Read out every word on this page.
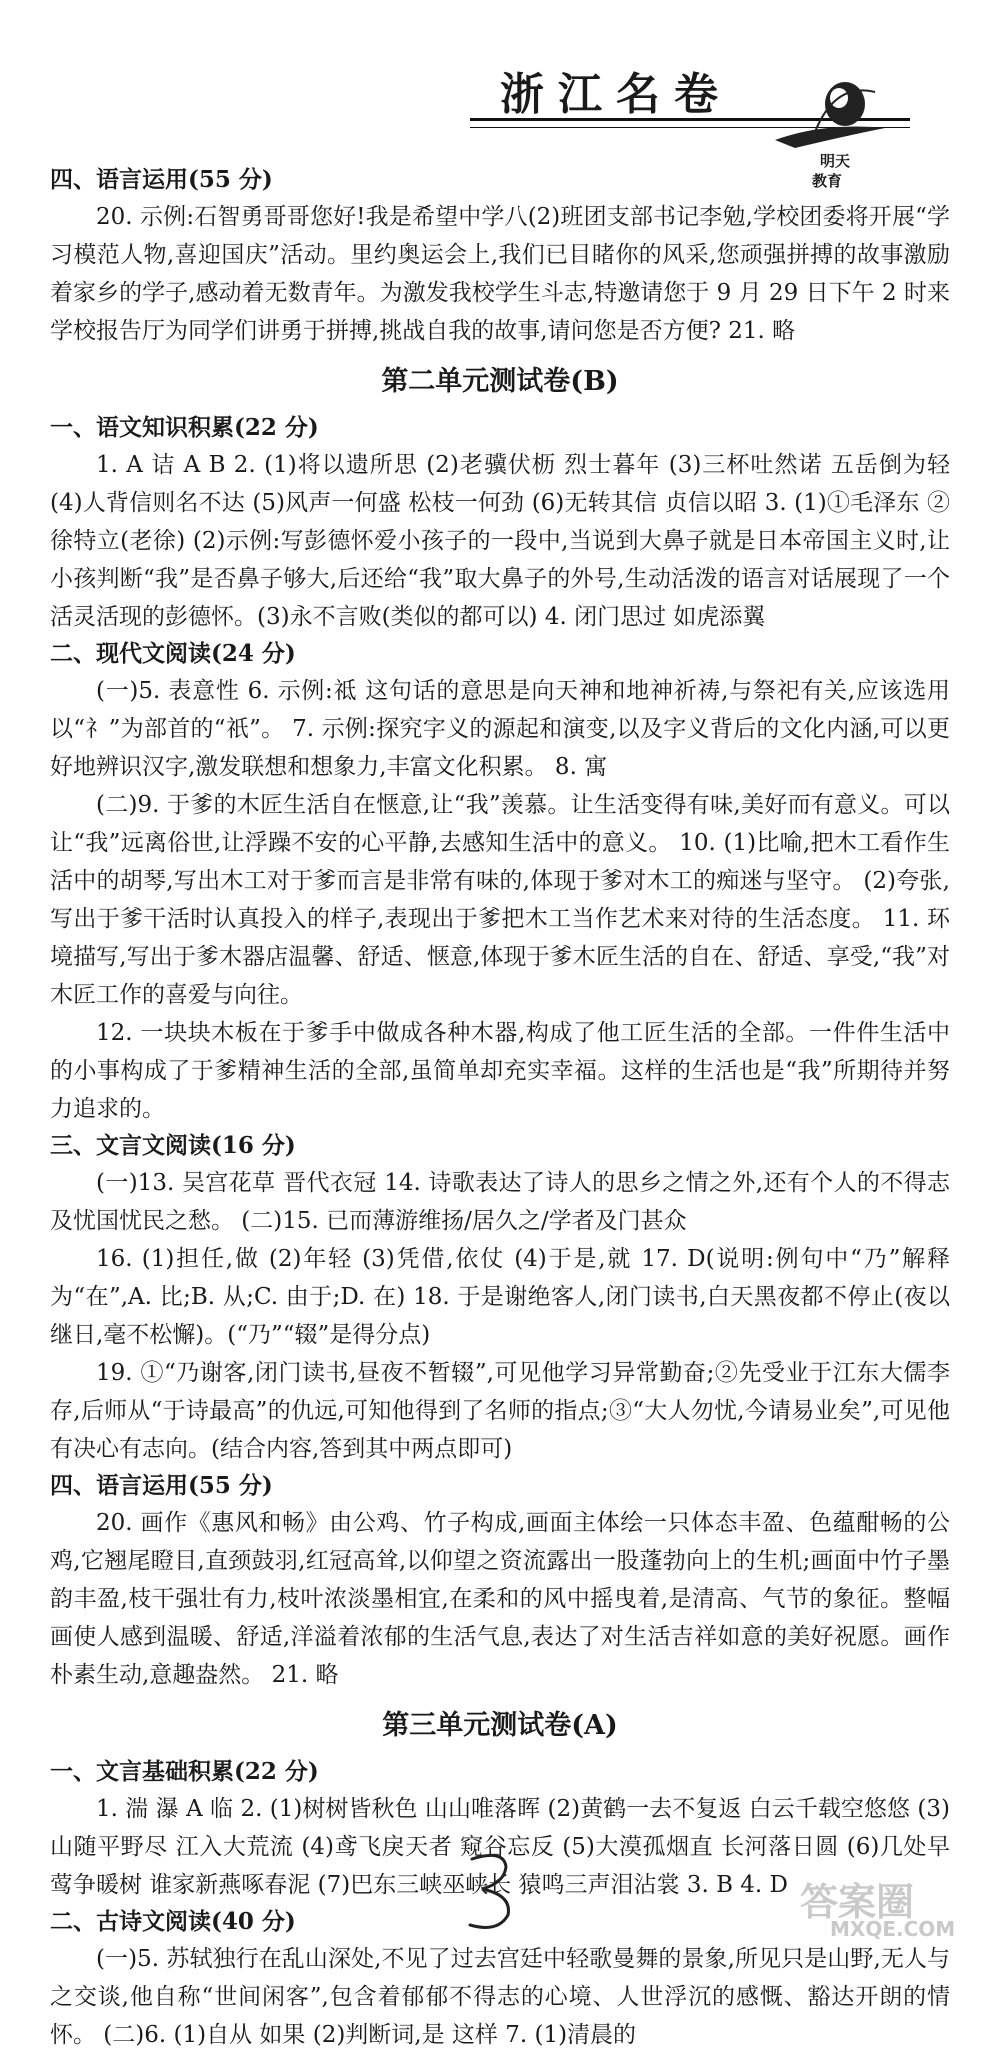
浙江名卷
明天
教育
四、语言运用(55 分)
20. 示例:石智勇哥哥您好!我是希望中学八(2)班团支部书记李勉,学校团委将开展“学习模范人物,喜迎国庆”活动。里约奥运会上,我们已目睹你的风采,您顽强拼搏的故事激励着家乡的学子,感动着无数青年。为激发我校学生斗志,特邀请您于 9 月 29 日下午 2 时来学校报告厅为同学们讲勇于拼搏,挑战自我的故事,请问您是否方便? 21. 略
第二单元测试卷(B)
一、语文知识积累(22 分)
1. A 诘 A B 2. (1)将以遗所思 (2)老骥伏枥 烈士暮年 (3)三杯吐然诺 五岳倒为轻 (4)人背信则名不达 (5)风声一何盛 松枝一何劲 (6)无转其信 贞信以昭 3. (1)①毛泽东 ②徐特立(老徐) (2)示例:写彭德怀爱小孩子的一段中,当说到大鼻子就是日本帝国主义时,让小孩判断“我”是否鼻子够大,后还给“我”取大鼻子的外号,生动活泼的语言对话展现了一个活灵活现的彭德怀。(3)永不言败(类似的都可以) 4. 闭门思过 如虎添翼
二、现代文阅读(24 分)
(一)5. 表意性 6. 示例:祗 这句话的意思是向天神和地神祈祷,与祭祀有关,应该选用以“礻”为部首的“祇”。 7. 示例:探究字义的源起和演变,以及字义背后的文化内涵,可以更好地辨识汉字,激发联想和想象力,丰富文化积累。 8. 寓
(二)9. 于爹的木匠生活自在惬意,让“我”羡慕。让生活变得有味,美好而有意义。可以让“我”远离俗世,让浮躁不安的心平静,去感知生活中的意义。 10. (1)比喻,把木工看作生活中的胡琴,写出木工对于爹而言是非常有味的,体现于爹对木工的痴迷与坚守。 (2)夸张,写出于爹干活时认真投入的样子,表现出于爹把木工当作艺术来对待的生活态度。 11. 环境描写,写出于爹木器店温馨、舒适、惬意,体现于爹木匠生活的自在、舒适、享受,“我”对木匠工作的喜爱与向往。
12. 一块块木板在于爹手中做成各种木器,构成了他工匠生活的全部。一件件生活中的小事构成了于爹精神生活的全部,虽简单却充实幸福。这样的生活也是“我”所期待并努力追求的。
三、文言文阅读(16 分)
(一)13. 吴宫花草 晋代衣冠 14. 诗歌表达了诗人的思乡之情之外,还有个人的不得志及忧国忧民之愁。 (二)15. 已而薄游维扬/居久之/学者及门甚众
16. (1)担任,做 (2)年轻 (3)凭借,依仗 (4)于是,就 17. D(说明:例句中“乃”解释为“在”,A. 比;B. 从;C. 由于;D. 在) 18. 于是谢绝客人,闭门读书,白天黑夜都不停止(夜以继日,毫不松懈)。(“乃”“辍”是得分点)
19. ①“乃谢客,闭门读书,昼夜不暂辍”,可见他学习异常勤奋;②先受业于江东大儒李存,后师从“于诗最高”的仇远,可知他得到了名师的指点;③“大人勿忧,今请易业矣”,可见他有决心有志向。(结合内容,答到其中两点即可)
四、语言运用(55 分)
20. 画作《惠风和畅》由公鸡、竹子构成,画面主体绘一只体态丰盈、色蕴酣畅的公鸡,它翘尾瞪目,直颈鼓羽,红冠高耸,以仰望之资流露出一股蓬勃向上的生机;画面中竹子墨韵丰盈,枝干强壮有力,枝叶浓淡墨相宜,在柔和的风中摇曳着,是清高、气节的象征。整幅画使人感到温暖、舒适,洋溢着浓郁的生活气息,表达了对生活吉祥如意的美好祝愿。画作朴素生动,意趣盎然。 21. 略
第三单元测试卷(A)
一、文言基础积累(22 分)
1. 湍 瀑 A 临 2. (1)树树皆秋色 山山唯落晖 (2)黄鹤一去不复返 白云千载空悠悠 (3)山随平野尽 江入大荒流 (4)鸢飞戾天者 窥谷忘反 (5)大漠孤烟直 长河落日圆 (6)几处早莺争暖树 谁家新燕啄春泥 (7)巴东三峡巫峡长 猿鸣三声泪沾裳 3. B 4. D
二、古诗文阅读(40 分)
(一)5. 苏轼独行在乱山深处,不见了过去宫廷中轻歌曼舞的景象,所见只是山野,无人与之交谈,他自称“世间闲客”,包含着郁郁不得志的心境、人世浮沉的感慨、豁达开朗的情怀。 (二)6. (1)自从 如果 (2)判断词,是 这样 7. (1)清晨的
答案圈
MXQE.COM
